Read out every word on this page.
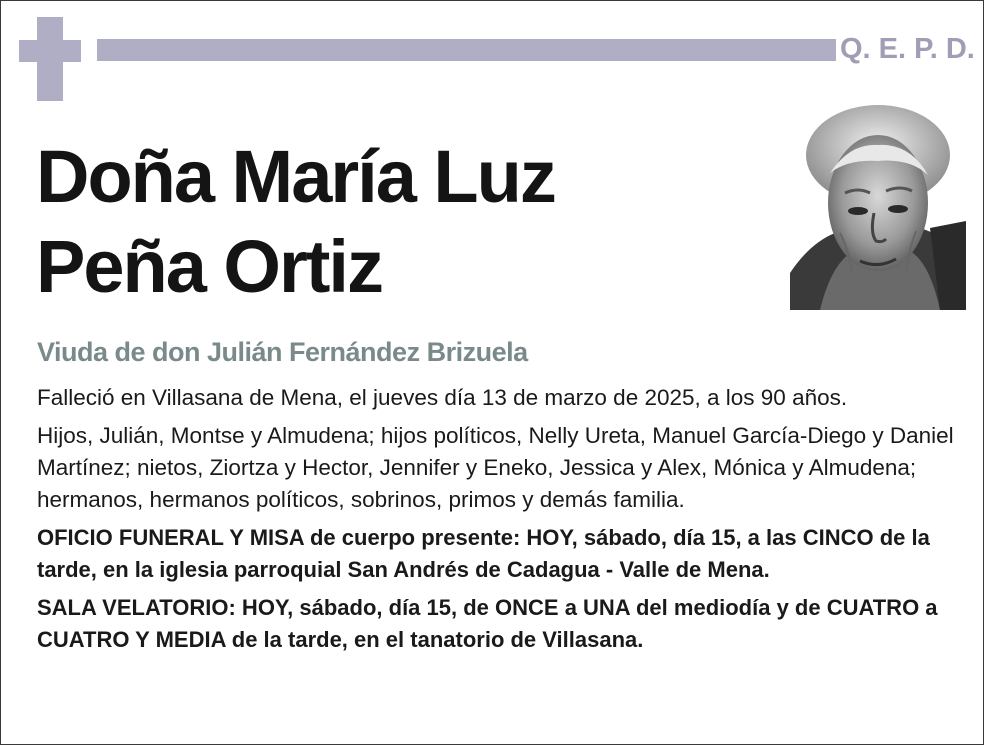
Q. E. P. D.
Doña María Luz
Peña Ortiz
Viuda de don Julián Fernández Brizuela

Falleció en Villasana de Mena, el jueves día 13 de marzo de 2025, a los 90 años.

Hijos, Julián, Montse y Almudena; hijos políticos, Nelly Ureta, Manuel García-Diego y Daniel Martínez; nietos, Ziortza y Hector, Jennifer y Eneko, Jessica y Alex, Mónica y Almudena; hermanos, hermanos políticos, sobrinos, primos y demás familia.

OFICIO FUNERAL Y MISA de cuerpo presente: HOY, sábado, día 15, a las CINCO de la tarde, en la iglesia parroquial San Andrés de Cadagua - Valle de Mena.

SALA VELATORIO: HOY, sábado, día 15, de ONCE a UNA del mediodía y de CUATRO a CUATRO Y MEDIA de la tarde, en el tanatorio de Villasana.
